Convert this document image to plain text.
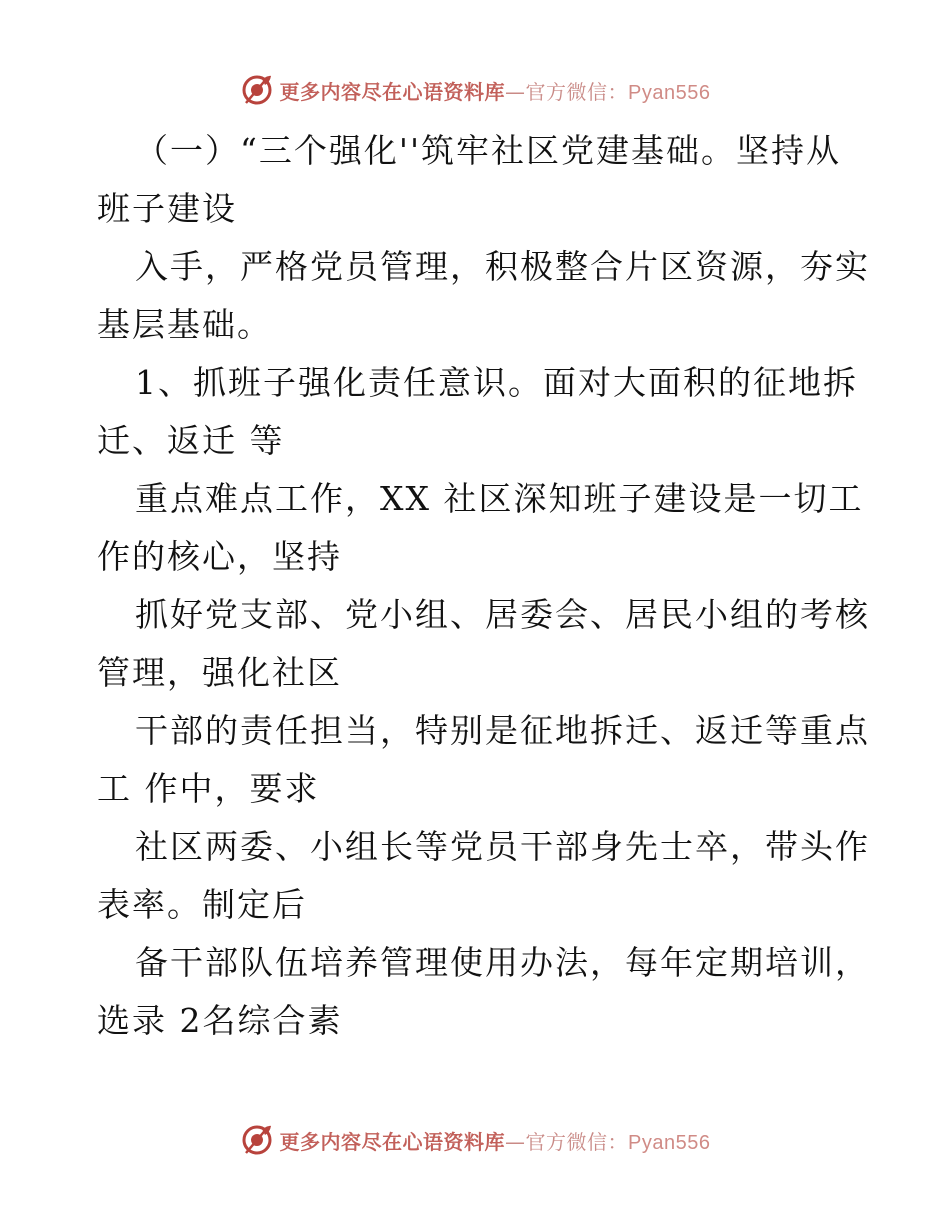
更多内容尽在心语资料库—官方微信：Pyan556
（一）“三个强化''筑牢社区党建基础。坚持从
班子建设
入手，严格党员管理，积极整合片区资源，夯实
基层基础。
1、抓班子强化责任意识。面对大面积的征地拆
迁、返迁 等
重点难点工作，XX 社区深知班子建设是一切工
作的核心，坚持
抓好党支部、党小组、居委会、居民小组的考核
管理，强化社区
干部的责任担当，特别是征地拆迁、返迁等重点
工 作中，要求
社区两委、小组长等党员干部身先士卒，带头作
表率。制定后
备干部队伍培养管理使用办法，每年定期培训，
选录 2名综合素
更多内容尽在心语资料库—官方微信：Pyan556
